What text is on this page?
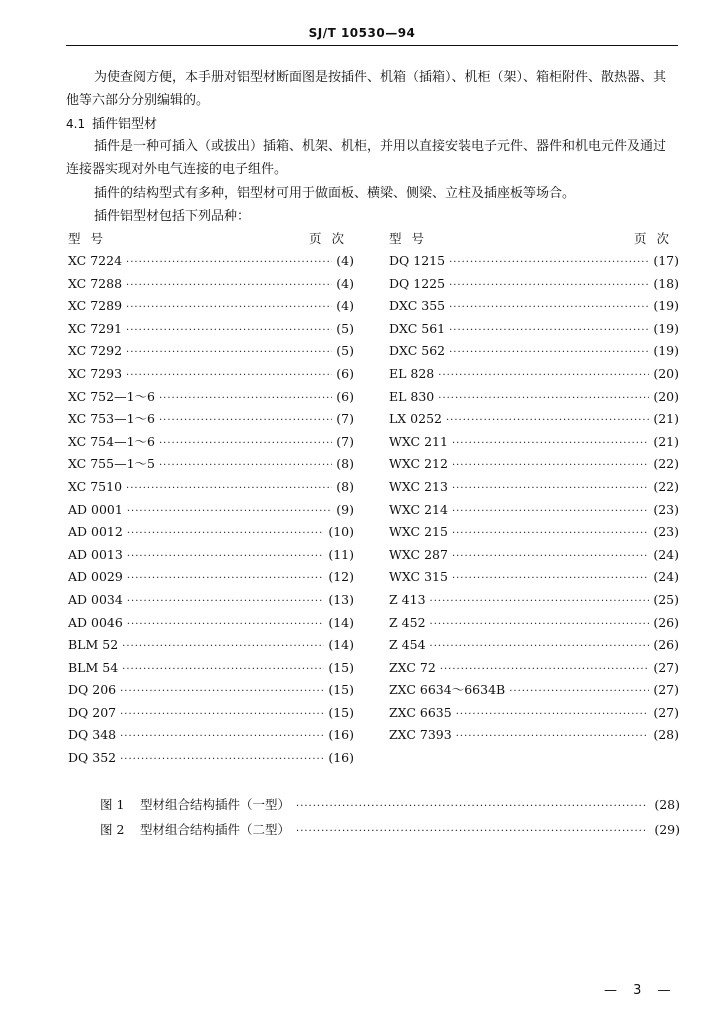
SJ/T 10530—94
为使查阅方便，本手册对铝型材断面图是按插件、机箱（插箱）、机柜（架）、箱柜附件、散热器、其他等六部分分别编辑的。
4.1 插件铝型材
插件是一种可插入（或拔出）插箱、机架、机柜，并用以直接安装电子元件、器件和机电元件及通过连接器实现对外电气连接的电子组件。
插件的结构型式有多种，铝型材可用于做面板、横梁、侧梁、立柱及插座板等场合。
插件铝型材包括下列品种：
型号	页次
XC 7224 ·····	(4)
XC 7288 ·····	(4)
XC 7289 ·····	(4)
XC 7291 ·····	(5)
XC 7292 ·····	(5)
XC 7293 ·····	(6)
XC 752—1～6 ·····	(6)
XC 753—1～6 ·····	(7)
XC 754—1～6 ·····	(7)
XC 755—1～5 ·····	(8)
XC 7510 ·····	(8)
AD 0001 ·····	(9)
AD 0012 ·····	(10)
AD 0013 ·····	(11)
AD 0029 ·····	(12)
AD 0034 ·····	(13)
AD 0046 ·····	(14)
BLM 52 ·····	(14)
BLM 54 ·····	(15)
DQ 206 ·····	(15)
DQ 207 ·····	(15)
DQ 348 ·····	(16)
DQ 352 ·····	(16)
型号	页次
DQ 1215 ·····	(17)
DQ 1225 ·····	(18)
DXC 355 ·····	(19)
DXC 561 ·····	(19)
DXC 562 ·····	(19)
EL 828 ·····	(20)
EL 830 ·····	(20)
LX 0252 ·····	(21)
WXC 211 ·····	(21)
WXC 212 ·····	(22)
WXC 213 ·····	(22)
WXC 214 ·····	(23)
WXC 215 ·····	(23)
WXC 287 ·····	(24)
WXC 315 ·····	(24)
Z 413 ·····	(25)
Z 452 ·····	(26)
Z 454 ·····	(26)
ZXC 72 ·····	(27)
ZXC 6634～6634B ·····	(27)
ZXC 6635 ·····	(27)
ZXC 7393 ·····	(28)
图 1	型材组合结构插件（一型） ·····	(28)
图 2	型材组合结构插件（二型） ·····	(29)
— 3 —
